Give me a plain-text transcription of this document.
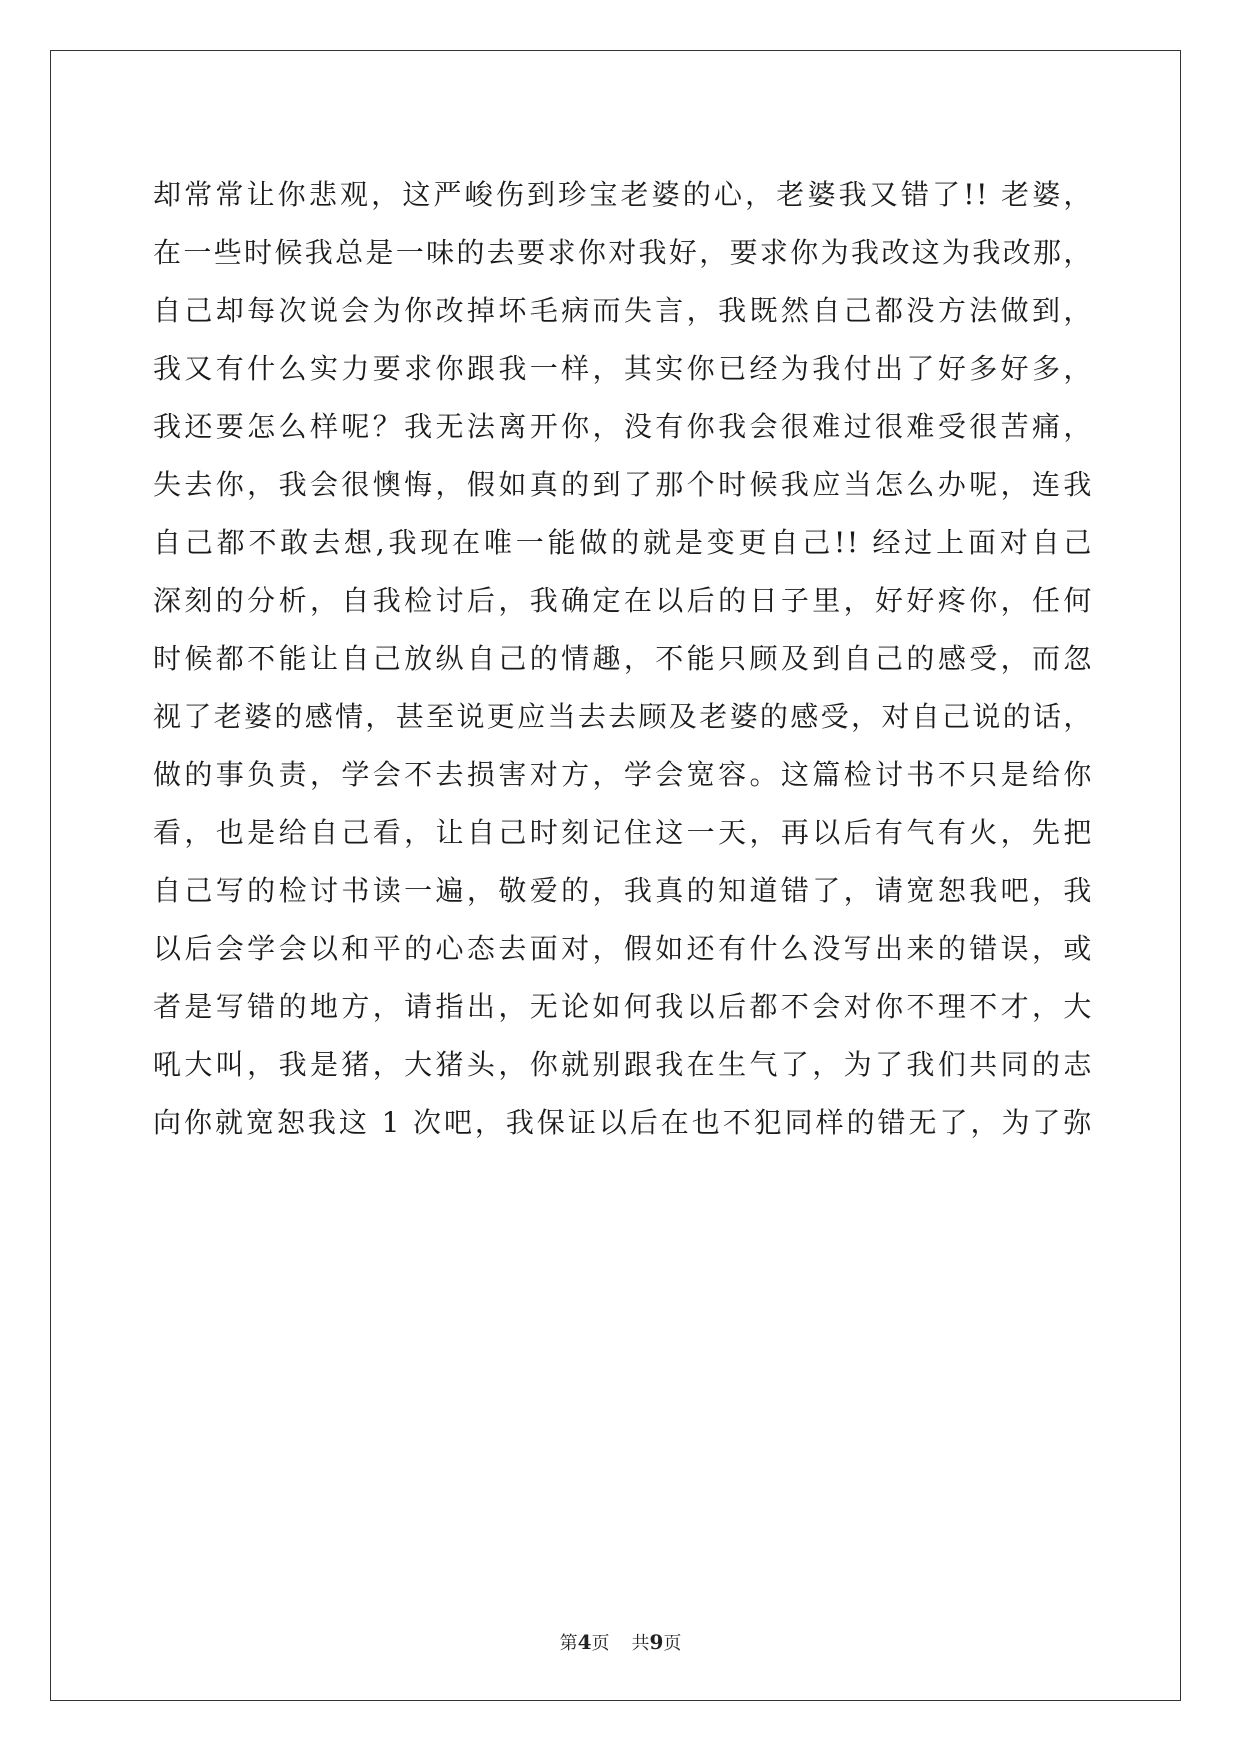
却常常让你悲观，这严峻伤到珍宝老婆的心，老婆我又错了!! 老婆，
在一些时候我总是一味的去要求你对我好，要求你为我改这为我改那，
自己却每次说会为你改掉坏毛病而失言，我既然自己都没方法做到，
我又有什么实力要求你跟我一样，其实你已经为我付出了好多好多，
我还要怎么样呢？我无法离开你，没有你我会很难过很难受很苦痛，
失去你，我会很懊悔，假如真的到了那个时候我应当怎么办呢，连我
自己都不敢去想,我现在唯一能做的就是变更自己!! 经过上面对自己
深刻的分析，自我检讨后，我确定在以后的日子里，好好疼你，任何
时候都不能让自己放纵自己的情趣，不能只顾及到自己的感受，而忽
视了老婆的感情，甚至说更应当去去顾及老婆的感受，对自己说的话，
做的事负责，学会不去损害对方，学会宽容。这篇检讨书不只是给你
看，也是给自己看，让自己时刻记住这一天，再以后有气有火，先把
自己写的检讨书读一遍，敬爱的，我真的知道错了，请宽恕我吧，我
以后会学会以和平的心态去面对，假如还有什么没写出来的错误，或
者是写错的地方，请指出，无论如何我以后都不会对你不理不才，大
吼大叫，我是猪，大猪头，你就别跟我在生气了，为了我们共同的志
向你就宽恕我这 1 次吧，我保证以后在也不犯同样的错无了，为了弥
第4页 共9页
